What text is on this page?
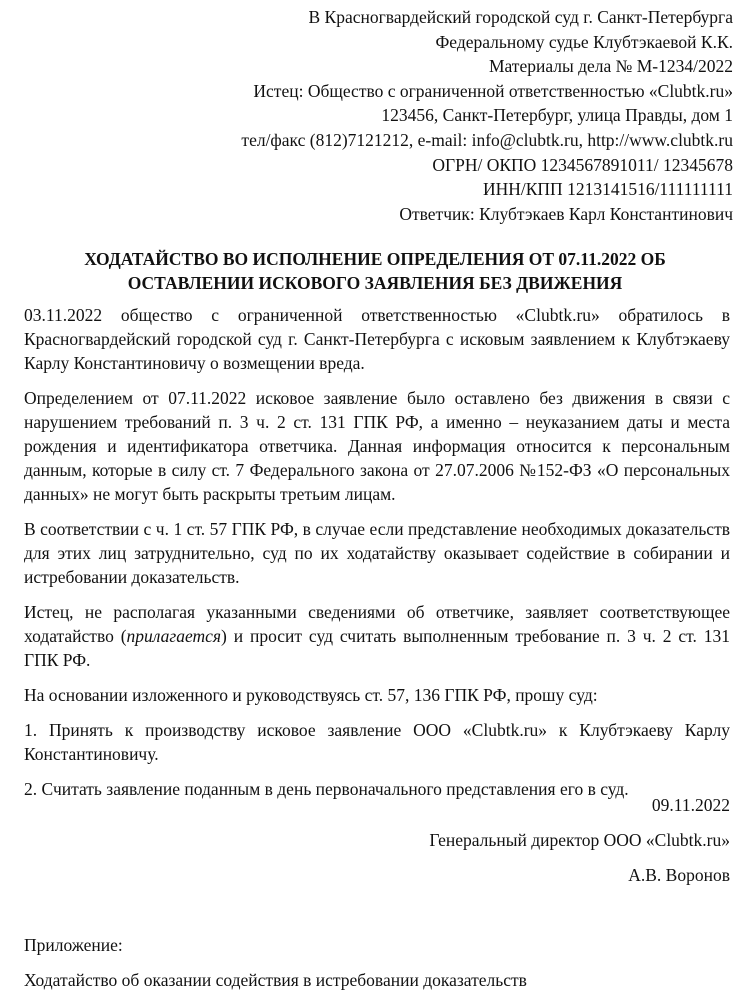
В Красногвардейский городской суд г. Санкт-Петербурга
Федеральному судье Клубтэкаевой К.К.
Материалы дела № М-1234/2022
Истец: Общество с ограниченной ответственностью «Clubtk.ru»
123456, Санкт-Петербург, улица Правды, дом 1
тел/факс (812)7121212, e-mail: info@clubtk.ru, http://www.clubtk.ru
ОГРН/ ОКПО 1234567891011/ 12345678
ИНН/КПП 1213141516/111111111
Ответчик: Клубтэкаев Карл Константинович
ХОДАТАЙСТВО ВО ИСПОЛНЕНИЕ ОПРЕДЕЛЕНИЯ ОТ 07.11.2022 ОБ
ОСТАВЛЕНИИ ИСКОВОГО ЗАЯВЛЕНИЯ БЕЗ ДВИЖЕНИЯ

03.11.2022 общество с ограниченной ответственностью «Clubtk.ru» обратилось в Красногвардейский городской суд г. Санкт-Петербурга с исковым заявлением к Клубтэкаеву Карлу Константиновичу о возмещении вреда.

Определением от 07.11.2022 исковое заявление было оставлено без движения в связи с нарушением требований п. 3 ч. 2 ст. 131 ГПК РФ, а именно – неуказанием даты и места рождения и идентификатора ответчика. Данная информация относится к персональным данным, которые в силу ст. 7 Федерального закона от 27.07.2006 №152-ФЗ «О персональных данных» не могут быть раскрыты третьим лицам.

В соответствии с ч. 1 ст. 57 ГПК РФ, в случае если представление необходимых доказательств для этих лиц затруднительно, суд по их ходатайству оказывает содействие в собирании и истребовании доказательств.

Истец, не располагая указанными сведениями об ответчике, заявляет соответствующее ходатайство (прилагается) и просит суд считать выполненным требование п. 3 ч. 2 ст. 131 ГПК РФ.

На основании изложенного и руководствуясь ст. 57, 136 ГПК РФ, прошу суд:

1. Принять к производству исковое заявление ООО «Clubtk.ru» к Клубтэкаеву Карлу Константиновичу.

2. Считать заявление поданным в день первоначального представления его в суд.

09.11.2022
Генеральный директор ООО «Clubtk.ru»
А.В. Воронов
Приложение:
Ходатайство об оказании содействия в истребовании доказательств
